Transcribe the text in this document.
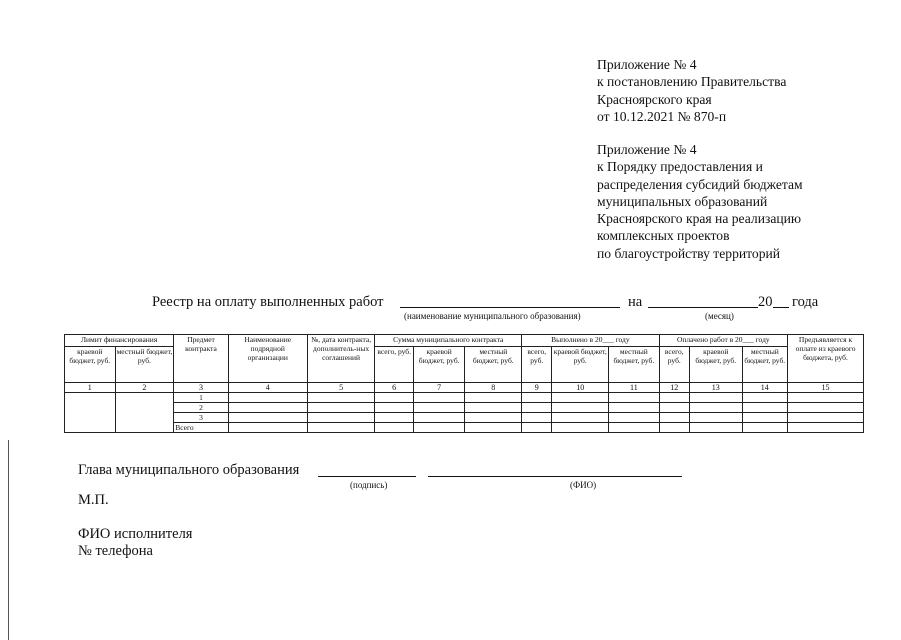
Приложение № 4
к постановлению Правительства
Красноярского края
от 10.12.2021 № 870-п
Приложение № 4
к Порядку предоставления и
распределения субсидий бюджетам
муниципальных образований
Красноярского края на реализацию
комплексных проектов
по благоустройству территорий
Реестр на оплату выполненных работ	на	20 года
(наименование муниципального образования)	(месяц)
Лимит финансирования		Предмет контракта	Наименование подрядной организации	№, дата контракта, дополнитель-ных соглашений	Сумма муниципального контракта			Выполнено в 20___ году			Оплачено работ в 20___ году			Предъявляется к оплате из краевого бюджета, руб.
краевой бюджет, руб.	местный бюджет, руб.				всего, руб.	краевой бюджет, руб.	местный бюджет, руб.	всего, руб.	краевой бюджет, руб.	местный бюджет, руб.	всего, руб.	краевой бюджет, руб.	местный бюджет, руб.	
1	2	3	4	5	6	7	8	9	10	11	12	13	14	15
		1												
		2												
		3												
		Всего												
Глава муниципального образования
(подпись)	(ФИО)
М.П.
ФИО исполнителя
№ телефона
